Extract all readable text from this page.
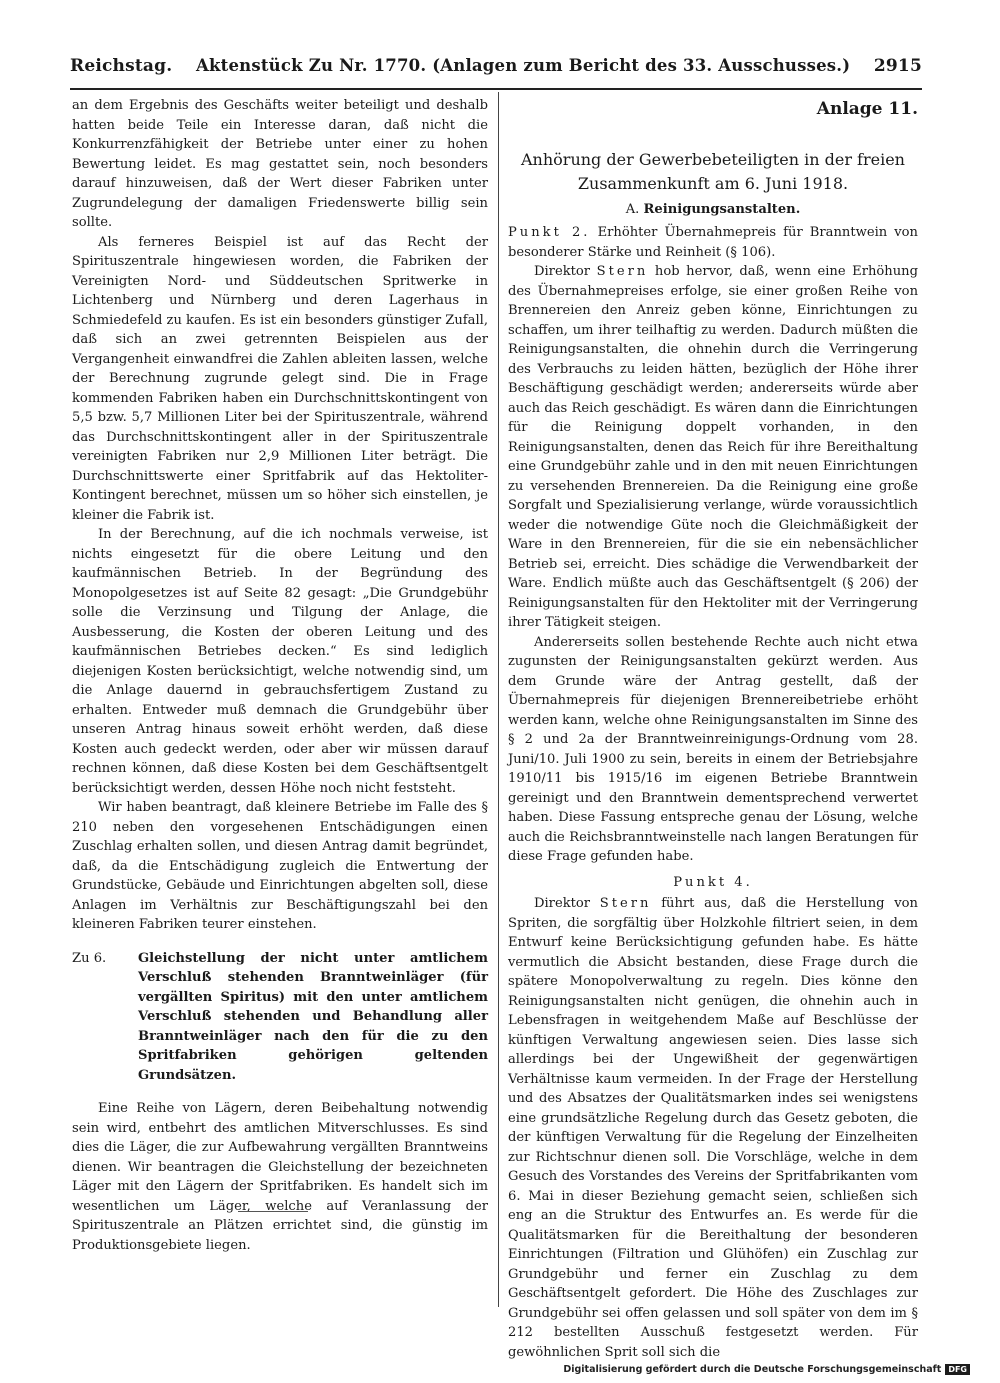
Reichstag. Aktenstück Zu Nr. 1770. (Anlagen zum Bericht des 33. Ausschusses.) 2915

an dem Ergebnis des Geschäfts weiter beteiligt und deshalb hatten beide Teile ein Interesse daran, daß nicht die Konkurrenzfähigkeit der Betriebe unter einer zu hohen Bewertung leidet. Es mag gestattet sein, noch besonders darauf hinzuweisen, daß der Wert dieser Fabriken unter Zugrundelegung der damaligen Friedenswerte billig sein sollte.

Als ferneres Beispiel ist auf das Recht der Spirituszentrale hingewiesen worden, die Fabriken der Vereinigten Nord- und Süddeutschen Spritwerke in Lichtenberg und Nürnberg und deren Lagerhaus in Schmiedefeld zu kaufen. Es ist ein besonders günstiger Zufall, daß sich an zwei getrennten Beispielen aus der Vergangenheit einwandfrei die Zahlen ableiten lassen, welche der Berechnung zugrunde gelegt sind. Die in Frage kommenden Fabriken haben ein Durchschnittskontingent von 5,5 bzw. 5,7 Millionen Liter bei der Spirituszentrale, während das Durchschnittskontingent aller in der Spirituszentrale vereinigten Fabriken nur 2,9 Millionen Liter beträgt. Die Durchschnittswerte einer Spritfabrik auf das Hektoliter-Kontingent berechnet, müssen um so höher sich einstellen, je kleiner die Fabrik ist.

In der Berechnung, auf die ich nochmals verweise, ist nichts eingesetzt für die obere Leitung und den kaufmännischen Betrieb. In der Begründung des Monopolgesetzes ist auf Seite 82 gesagt: „Die Grundgebühr solle die Verzinsung und Tilgung der Anlage, die Ausbesserung, die Kosten der oberen Leitung und des kaufmännischen Betriebes decken.“ Es sind lediglich diejenigen Kosten berücksichtigt, welche notwendig sind, um die Anlage dauernd in gebrauchsfertigem Zustand zu erhalten. Entweder muß demnach die Grundgebühr über unseren Antrag hinaus soweit erhöht werden, daß diese Kosten auch gedeckt werden, oder aber wir müssen darauf rechnen können, daß diese Kosten bei dem Geschäftsentgelt berücksichtigt werden, dessen Höhe noch nicht feststeht.

Wir haben beantragt, daß kleinere Betriebe im Falle des § 210 neben den vorgesehenen Entschädigungen einen Zuschlag erhalten sollen, und diesen Antrag damit begründet, daß, da die Entschädigung zugleich die Entwertung der Grundstücke, Gebäude und Einrichtungen abgelten soll, diese Anlagen im Verhältnis zur Beschäftigungszahl bei den kleineren Fabriken teurer einstehen.

Zu 6.	Gleichstellung der nicht unter amtlichem Verschluß stehenden Branntweinläger (für vergällten Spiritus) mit den unter amtlichem Verschluß stehenden und Behandlung aller Branntweinläger nach den für die zu den Spritfabriken gehörigen geltenden Grundsätzen.

Eine Reihe von Lägern, deren Beibehaltung notwendig sein wird, entbehrt des amtlichen Mitverschlusses. Es sind dies die Läger, die zur Aufbewahrung vergällten Branntweins dienen. Wir beantragen die Gleichstellung der bezeichneten Läger mit den Lägern der Spritfabriken. Es handelt sich im wesentlichen um Läger, welche auf Veranlassung der Spirituszentrale an Plätzen errichtet sind, die günstig im Produktionsgebiete liegen.

Anlage 11.
Anhörung der Gewerbebeteiligten in der freien Zusammenkunft am 6. Juni 1918.
A. Reinigungsanstalten.

Punkt 2. Erhöhter Übernahmepreis für Branntwein von besonderer Stärke und Reinheit (§ 106).

Direktor Stern hob hervor, daß, wenn eine Erhöhung des Übernahmepreises erfolge, sie einer großen Reihe von Brennereien den Anreiz geben könne, Einrichtungen zu schaffen, um ihrer teilhaftig zu werden. Dadurch müßten die Reinigungsanstalten, die ohnehin durch die Verringerung des Verbrauchs zu leiden hätten, bezüglich der Höhe ihrer Beschäftigung geschädigt werden; andererseits würde aber auch das Reich geschädigt. Es wären dann die Einrichtungen für die Reinigung doppelt vorhanden, in den Reinigungsanstalten, denen das Reich für ihre Bereithaltung eine Grundgebühr zahle und in den mit neuen Einrichtungen zu versehenden Brennereien. Da die Reinigung eine große Sorgfalt und Spezialisierung verlange, würde voraussichtlich weder die notwendige Güte noch die Gleichmäßigkeit der Ware in den Brennereien, für die sie ein nebensächlicher Betrieb sei, erreicht. Dies schädige die Verwendbarkeit der Ware. Endlich müßte auch das Geschäftsentgelt (§ 206) der Reinigungsanstalten für den Hektoliter mit der Verringerung ihrer Tätigkeit steigen.

Andererseits sollen bestehende Rechte auch nicht etwa zugunsten der Reinigungsanstalten gekürzt werden. Aus dem Grunde wäre der Antrag gestellt, daß der Übernahmepreis für diejenigen Brennereibetriebe erhöht werden kann, welche ohne Reinigungsanstalten im Sinne des § 2 und 2a der Branntweinreinigungs-Ordnung vom 28. Juni/10. Juli 1900 zu sein, bereits in einem der Betriebsjahre 1910/11 bis 1915/16 im eigenen Betriebe Branntwein gereinigt und den Branntwein dementsprechend verwertet haben. Diese Fassung entspreche genau der Lösung, welche auch die Reichsbranntweinstelle nach langen Beratungen für diese Frage gefunden habe.

Punkt 4.

Direktor Stern führt aus, daß die Herstellung von Spriten, die sorgfältig über Holzkohle filtriert seien, in dem Entwurf keine Berücksichtigung gefunden habe. Es hätte vermutlich die Absicht bestanden, diese Frage durch die spätere Monopolverwaltung zu regeln. Dies könne den Reinigungsanstalten nicht genügen, die ohnehin auch in Lebensfragen in weitgehendem Maße auf Beschlüsse der künftigen Verwaltung angewiesen seien. Dies lasse sich allerdings bei der Ungewißheit der gegenwärtigen Verhältnisse kaum vermeiden. In der Frage der Herstellung und des Absatzes der Qualitätsmarken indes sei wenigstens eine grundsätzliche Regelung durch das Gesetz geboten, die der künftigen Verwaltung für die Regelung der Einzelheiten zur Richtschnur dienen soll. Die Vorschläge, welche in dem Gesuch des Vorstandes des Vereins der Spritfabrikanten vom 6. Mai in dieser Beziehung gemacht seien, schließen sich eng an die Struktur des Entwurfes an. Es werde für die Qualitätsmarken für die Bereithaltung der besonderen Einrichtungen (Filtration und Glühöfen) ein Zuschlag zur Grundgebühr und ferner ein Zuschlag zu dem Geschäftsentgelt gefordert. Die Höhe des Zuschlages zur Grundgebühr sei offen gelassen und soll später von dem im § 212 bestellten Ausschuß festgesetzt werden. Für gewöhnlichen Sprit soll sich die

Digitalisierung gefördert durch die Deutsche Forschungsgemeinschaft DFG
